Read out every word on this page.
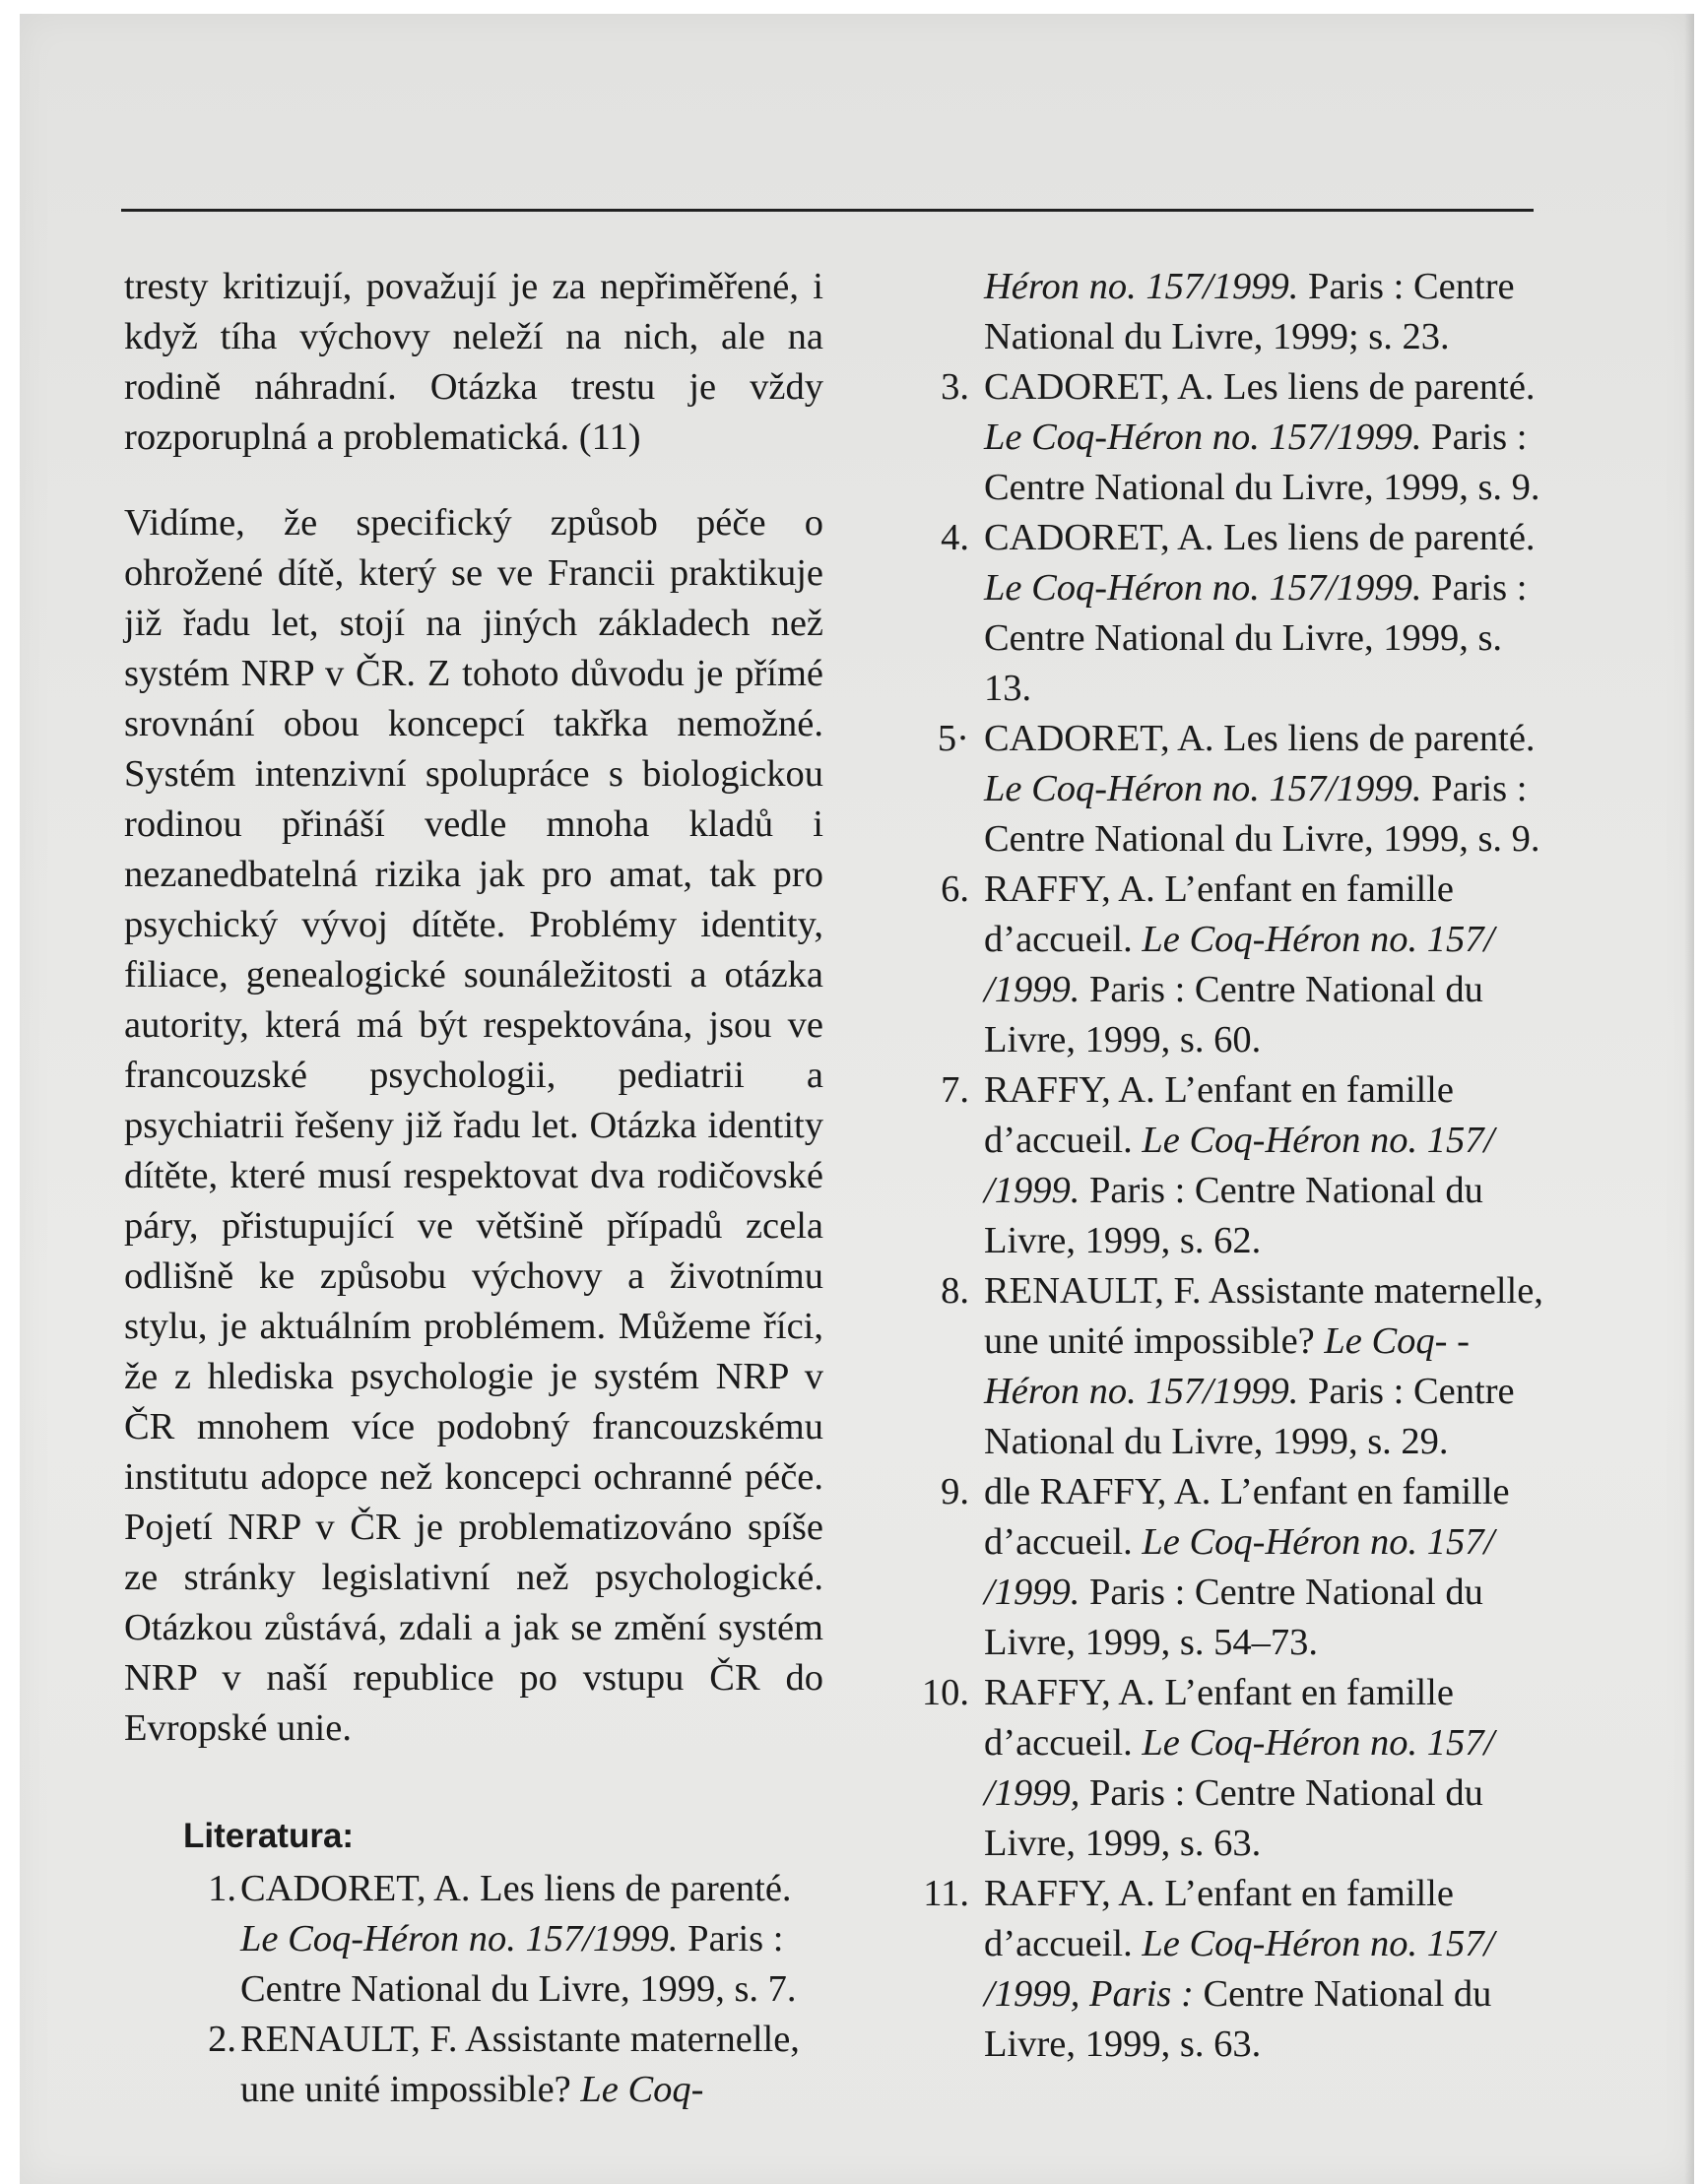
tresty kritizují, považují je za nepřiměřené, i když tíha výchovy neleží na nich, ale na rodině náhradní. Otázka trestu je vždy rozporuplná a problematická. (11)

Vidíme, že specifický způsob péče o ohrožené dítě, který se ve Francii praktikuje již řadu let, stojí na jiných základech než systém NRP v ČR. Z tohoto důvodu je přímé srovnání obou koncepcí takřka nemožné. Systém intenzivní spolupráce s biologickou rodinou přináší vedle mnoha kladů i nezanedbatelná rizika jak pro amat, tak pro psychický vývoj dítěte. Problémy identity, filiace, genealogické sounáležitosti a otázka autority, která má být respektována, jsou ve francouzské psychologii, pediatrii a psychiatrii řešeny již řadu let. Otázka identity dítěte, které musí respektovat dva rodičovské páry, přistupující ve většině případů zcela odlišně ke způsobu výchovy a životnímu stylu, je aktuálním problémem. Můžeme říci, že z hlediska psychologie je systém NRP v ČR mnohem více podobný francouzskému institutu adopce než koncepci ochranné péče. Pojetí NRP v ČR je problematizováno spíše ze stránky legislativní než psychologické. Otázkou zůstává, zdali a jak se změní systém NRP v naší republice po vstupu ČR do Evropské unie.

Literatura:
1. CADORET, A. Les liens de parenté. Le Coq-Héron no. 157/1999. Paris : Centre National du Livre, 1999, s. 7.
2. RENAULT, F. Assistante maternelle, une unité impossible? Le Coq-
Héron no. 157/1999. Paris : Centre National du Livre, 1999; s. 23.
3. CADORET, A. Les liens de parenté. Le Coq-Héron no. 157/1999. Paris : Centre National du Livre, 1999, s. 9.
4. CADORET, A. Les liens de parenté. Le Coq-Héron no. 157/1999. Paris : Centre National du Livre, 1999, s. 13.
5· CADORET, A. Les liens de parenté. Le Coq-Héron no. 157/1999. Paris : Centre National du Livre, 1999, s. 9.
6. RAFFY, A. L’enfant en famille d’accueil. Le Coq-Héron no. 157/ /1999. Paris : Centre National du Livre, 1999, s. 60.
7. RAFFY, A. L’enfant en famille d’accueil. Le Coq-Héron no. 157/ /1999. Paris : Centre National du Livre, 1999, s. 62.
8. RENAULT, F. Assistante maternelle, une unité impossible? Le Coq- -Héron no. 157/1999. Paris : Centre National du Livre, 1999, s. 29.
9. dle RAFFY, A. L’enfant en famille d’accueil. Le Coq-Héron no. 157/ /1999. Paris : Centre National du Livre, 1999, s. 54–73.
10. RAFFY, A. L’enfant en famille d’accueil. Le Coq-Héron no. 157/ /1999, Paris : Centre National du Livre, 1999, s. 63.
11. RAFFY, A. L’enfant en famille d’accueil. Le Coq-Héron no. 157/ /1999, Paris : Centre National du Livre, 1999, s. 63.
